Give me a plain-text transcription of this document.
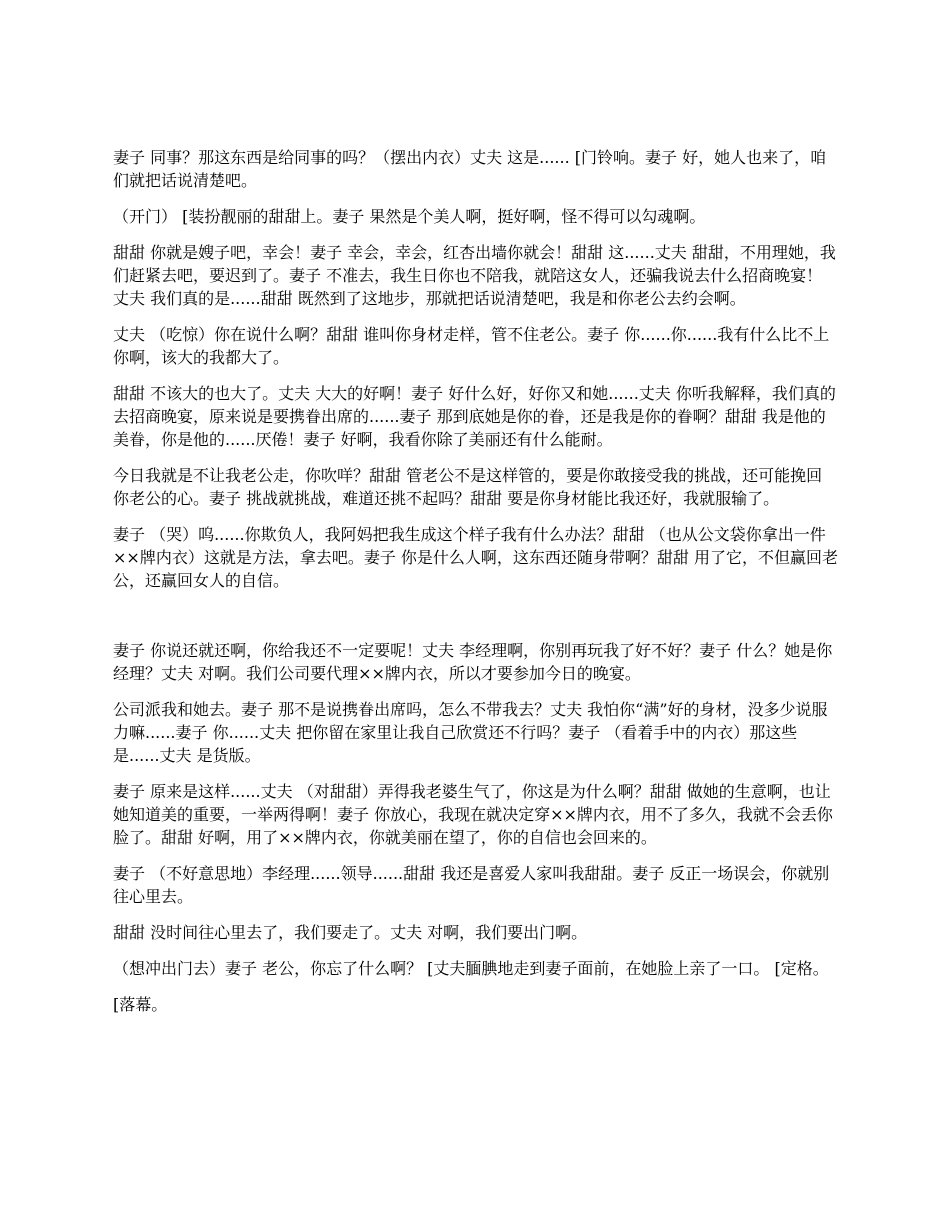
妻子 同事？那这东西是给同事的吗？（摆出内衣）丈夫 这是...... [门铃响。妻子 好，她人也来了，咱们就把话说清楚吧。

（开门） [装扮靓丽的甜甜上。妻子 果然是个美人啊，挺好啊，怪不得可以勾魂啊。

甜甜 你就是嫂子吧，幸会！妻子 幸会，幸会，红杏出墙你就会！甜甜 这......丈夫 甜甜，不用理她，我们赶紧去吧，要迟到了。妻子 不准去，我生日你也不陪我，就陪这女人，还骗我说去什么招商晚宴！丈夫 我们真的是......甜甜 既然到了这地步，那就把话说清楚吧，我是和你老公去约会啊。

丈夫 （吃惊）你在说什么啊？甜甜 谁叫你身材走样，管不住老公。妻子 你......你......我有什么比不上你啊，该大的我都大了。

甜甜 不该大的也大了。丈夫 大大的好啊！妻子 好什么好，好你又和她......丈夫 你听我解释，我们真的去招商晚宴，原来说是要携眷出席的......妻子 那到底她是你的眷，还是我是你的眷啊？甜甜 我是他的美眷，你是他的......厌倦！妻子 好啊，我看你除了美丽还有什么能耐。

今日我就是不让我老公走，你吹咩？甜甜 管老公不是这样管的，要是你敢接受我的挑战，还可能挽回你老公的心。妻子 挑战就挑战，难道还挑不起吗？甜甜 要是你身材能比我还好，我就服输了。

妻子 （哭）呜......你欺负人，我阿妈把我生成这个样子我有什么办法？甜甜 （也从公文袋你拿出一件××牌内衣）这就是方法，拿去吧。妻子 你是什么人啊，这东西还随身带啊？甜甜 用了它，不但赢回老公，还赢回女人的自信。

妻子 你说还就还啊，你给我还不一定要呢！丈夫 李经理啊，你别再玩我了好不好？妻子 什么？她是你经理？丈夫 对啊。我们公司要代理××牌内衣，所以才要参加今日的晚宴。

公司派我和她去。妻子 那不是说携眷出席吗，怎么不带我去？丈夫 我怕你“满”好的身材，没多少说服力嘛......妻子 你......丈夫 把你留在家里让我自己欣赏还不行吗？妻子 （看着手中的内衣）那这些是......丈夫 是货版。

妻子 原来是这样......丈夫 （对甜甜）弄得我老婆生气了，你这是为什么啊？甜甜 做她的生意啊，也让她知道美的重要，一举两得啊！妻子 你放心，我现在就决定穿××牌内衣，用不了多久，我就不会丢你脸了。甜甜 好啊，用了××牌内衣，你就美丽在望了，你的自信也会回来的。

妻子 （不好意思地）李经理......领导......甜甜 我还是喜爱人家叫我甜甜。妻子 反正一场误会，你就别往心里去。

甜甜 没时间往心里去了，我们要走了。丈夫 对啊，我们要出门啊。

（想冲出门去）妻子 老公，你忘了什么啊？ [丈夫腼腆地走到妻子面前，在她脸上亲了一口。 [定格。

[落幕。
